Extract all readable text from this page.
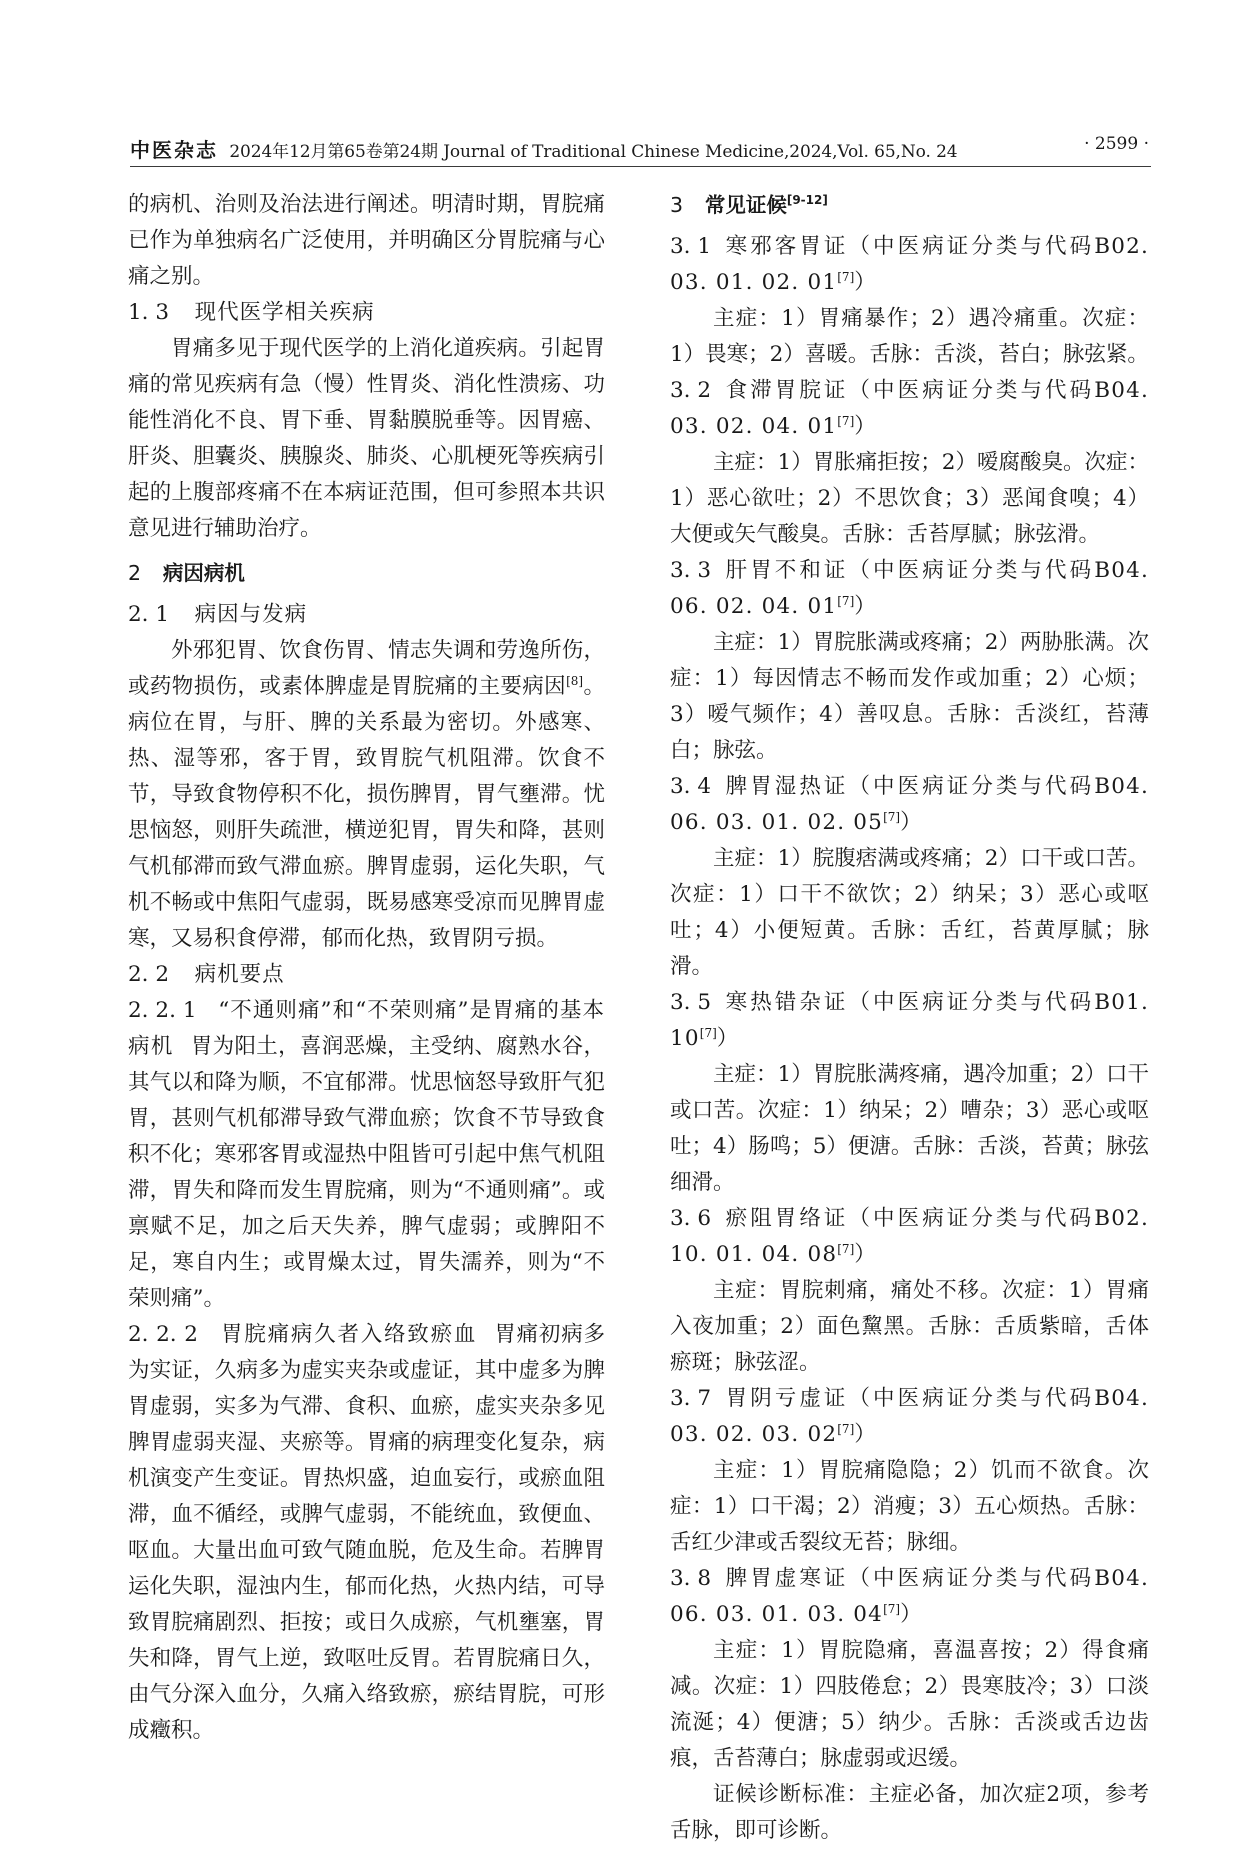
中医杂志 2024年12月第65卷第24期 Journal of Traditional Chinese Medicine,2024,Vol. 65,No. 24	· 2599 ·

的病机、治则及治法进行阐述。明清时期，胃脘痛已作为单独病名广泛使用，并明确区分胃脘痛与心痛之别。

1. 3 现代医学相关疾病

胃痛多见于现代医学的上消化道疾病。引起胃痛的常见疾病有急（慢）性胃炎、消化性溃疡、功能性消化不良、胃下垂、胃黏膜脱垂等。因胃癌、肝炎、胆囊炎、胰腺炎、肺炎、心肌梗死等疾病引起的上腹部疼痛不在本病证范围，但可参照本共识意见进行辅助治疗。

2 病因病机
2. 1 病因与发病

外邪犯胃、饮食伤胃、情志失调和劳逸所伤，或药物损伤，或素体脾虚是胃脘痛的主要病因[8]。病位在胃，与肝、脾的关系最为密切。外感寒、热、湿等邪，客于胃，致胃脘气机阻滞。饮食不节，导致食物停积不化，损伤脾胃，胃气壅滞。忧思恼怒，则肝失疏泄，横逆犯胃，胃失和降，甚则气机郁滞而致气滞血瘀。脾胃虚弱，运化失职，气机不畅或中焦阳气虚弱，既易感寒受凉而见脾胃虚寒，又易积食停滞，郁而化热，致胃阴亏损。

2. 2 病机要点

2. 2. 1　 “不通则痛”和“不荣则痛”是胃痛的基本病机 胃为阳土，喜润恶燥，主受纳、腐熟水谷，其气以和降为顺，不宜郁滞。忧思恼怒导致肝气犯胃，甚则气机郁滞导致气滞血瘀；饮食不节导致食积不化；寒邪客胃或湿热中阻皆可引起中焦气机阻滞，胃失和降而发生胃脘痛，则为“不通则痛”。或禀赋不足，加之后天失养，脾气虚弱；或脾阳不足，寒自内生；或胃燥太过，胃失濡养，则为“不荣则痛”。

2. 2. 2　 胃脘痛病久者入络致瘀血 胃痛初病多为实证，久病多为虚实夹杂或虚证，其中虚多为脾胃虚弱，实多为气滞、食积、血瘀，虚实夹杂多见脾胃虚弱夹湿、夹瘀等。胃痛的病理变化复杂，病机演变产生变证。胃热炽盛，迫血妄行，或瘀血阻滞，血不循经，或脾气虚弱，不能统血，致便血、呕血。大量出血可致气随血脱，危及生命。若脾胃运化失职，湿浊内生，郁而化热，火热内结，可导致胃脘痛剧烈、拒按；或日久成瘀，气机壅塞，胃失和降，胃气上逆，致呕吐反胃。若胃脘痛日久，由气分深入血分，久痛入络致瘀，瘀结胃脘，可形成癥积。

3 常见证候[9-12]

3. 1 寒邪客胃证（中医病证分类与代码B02. 03. 01. 02. 01[7]）

主症：1）胃痛暴作；2）遇冷痛重。次症：1）畏寒；2）喜暖。舌脉：舌淡，苔白；脉弦紧。

3. 2 食滞胃脘证（中医病证分类与代码B04. 03. 02. 04. 01[7]）

主症：1）胃胀痛拒按；2）嗳腐酸臭。次症：1）恶心欲吐；2）不思饮食；3）恶闻食嗅；4）大便或矢气酸臭。舌脉：舌苔厚腻；脉弦滑。

3. 3 肝胃不和证（中医病证分类与代码B04. 06. 02. 04. 01[7]）

主症：1）胃脘胀满或疼痛；2）两胁胀满。次症：1）每因情志不畅而发作或加重；2）心烦；3）嗳气频作；4）善叹息。舌脉：舌淡红，苔薄白；脉弦。

3. 4 脾胃湿热证（中医病证分类与代码B04. 06. 03. 01. 02. 05[7]）

主症：1）脘腹痞满或疼痛；2）口干或口苦。次症：1）口干不欲饮；2）纳呆；3）恶心或呕吐；4）小便短黄。舌脉：舌红，苔黄厚腻；脉滑。

3. 5 寒热错杂证（中医病证分类与代码B01. 10[7]）

主症：1）胃脘胀满疼痛，遇冷加重；2）口干或口苦。次症：1）纳呆；2）嘈杂；3）恶心或呕吐；4）肠鸣；5）便溏。舌脉：舌淡，苔黄；脉弦细滑。

3. 6 瘀阻胃络证（中医病证分类与代码B02. 10. 01. 04. 08[7]）

主症：胃脘刺痛，痛处不移。次症：1）胃痛入夜加重；2）面色黧黑。舌脉：舌质紫暗，舌体瘀斑；脉弦涩。

3. 7 胃阴亏虚证（中医病证分类与代码B04. 03. 02. 03. 02[7]）

主症：1）胃脘痛隐隐；2）饥而不欲食。次症：1）口干渴；2）消瘦；3）五心烦热。舌脉：舌红少津或舌裂纹无苔；脉细。

3. 8 脾胃虚寒证（中医病证分类与代码B04. 06. 03. 01. 03. 04[7]）

主症：1）胃脘隐痛，喜温喜按；2）得食痛减。次症：1）四肢倦怠；2）畏寒肢冷；3）口淡流涎；4）便溏；5）纳少。舌脉：舌淡或舌边齿痕，舌苔薄白；脉虚弱或迟缓。

证候诊断标准：主症必备，加次症2项，参考舌脉，即可诊断。
